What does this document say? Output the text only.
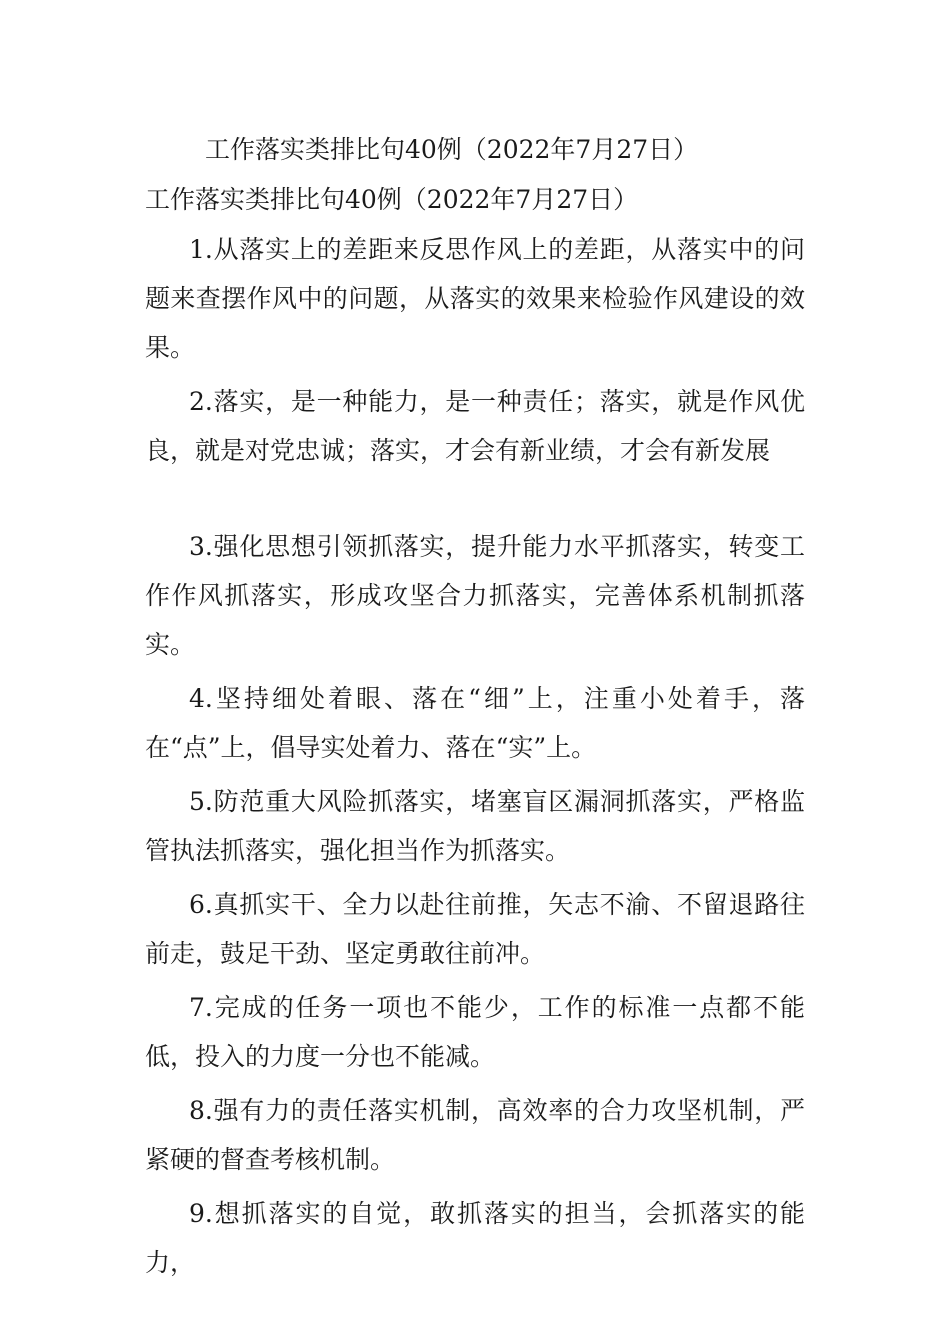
工作落实类排比句40例（2022年7月27日）
工作落实类排比句40例（2022年7月27日）

1.从落实上的差距来反思作风上的差距，从落实中的问题来查摆作风中的问题，从落实的效果来检验作风建设的效果。

2.落实，是一种能力，是一种责任；落实，就是作风优良，就是对党忠诚；落实，才会有新业绩，才会有新发展

3.强化思想引领抓落实，提升能力水平抓落实，转变工作作风抓落实，形成攻坚合力抓落实，完善体系机制抓落实。

4.坚持细处着眼、落在“细”上，注重小处着手，落在“点”上，倡导实处着力、落在“实”上。

5.防范重大风险抓落实，堵塞盲区漏洞抓落实，严格监管执法抓落实，强化担当作为抓落实。

6.真抓实干、全力以赴往前推，矢志不渝、不留退路往前走，鼓足干劲、坚定勇敢往前冲。

7.完成的任务一项也不能少，工作的标准一点都不能低，投入的力度一分也不能减。

8.强有力的责任落实机制，高效率的合力攻坚机制，严紧硬的督查考核机制。

9.想抓落实的自觉，敢抓落实的担当，会抓落实的能力，
